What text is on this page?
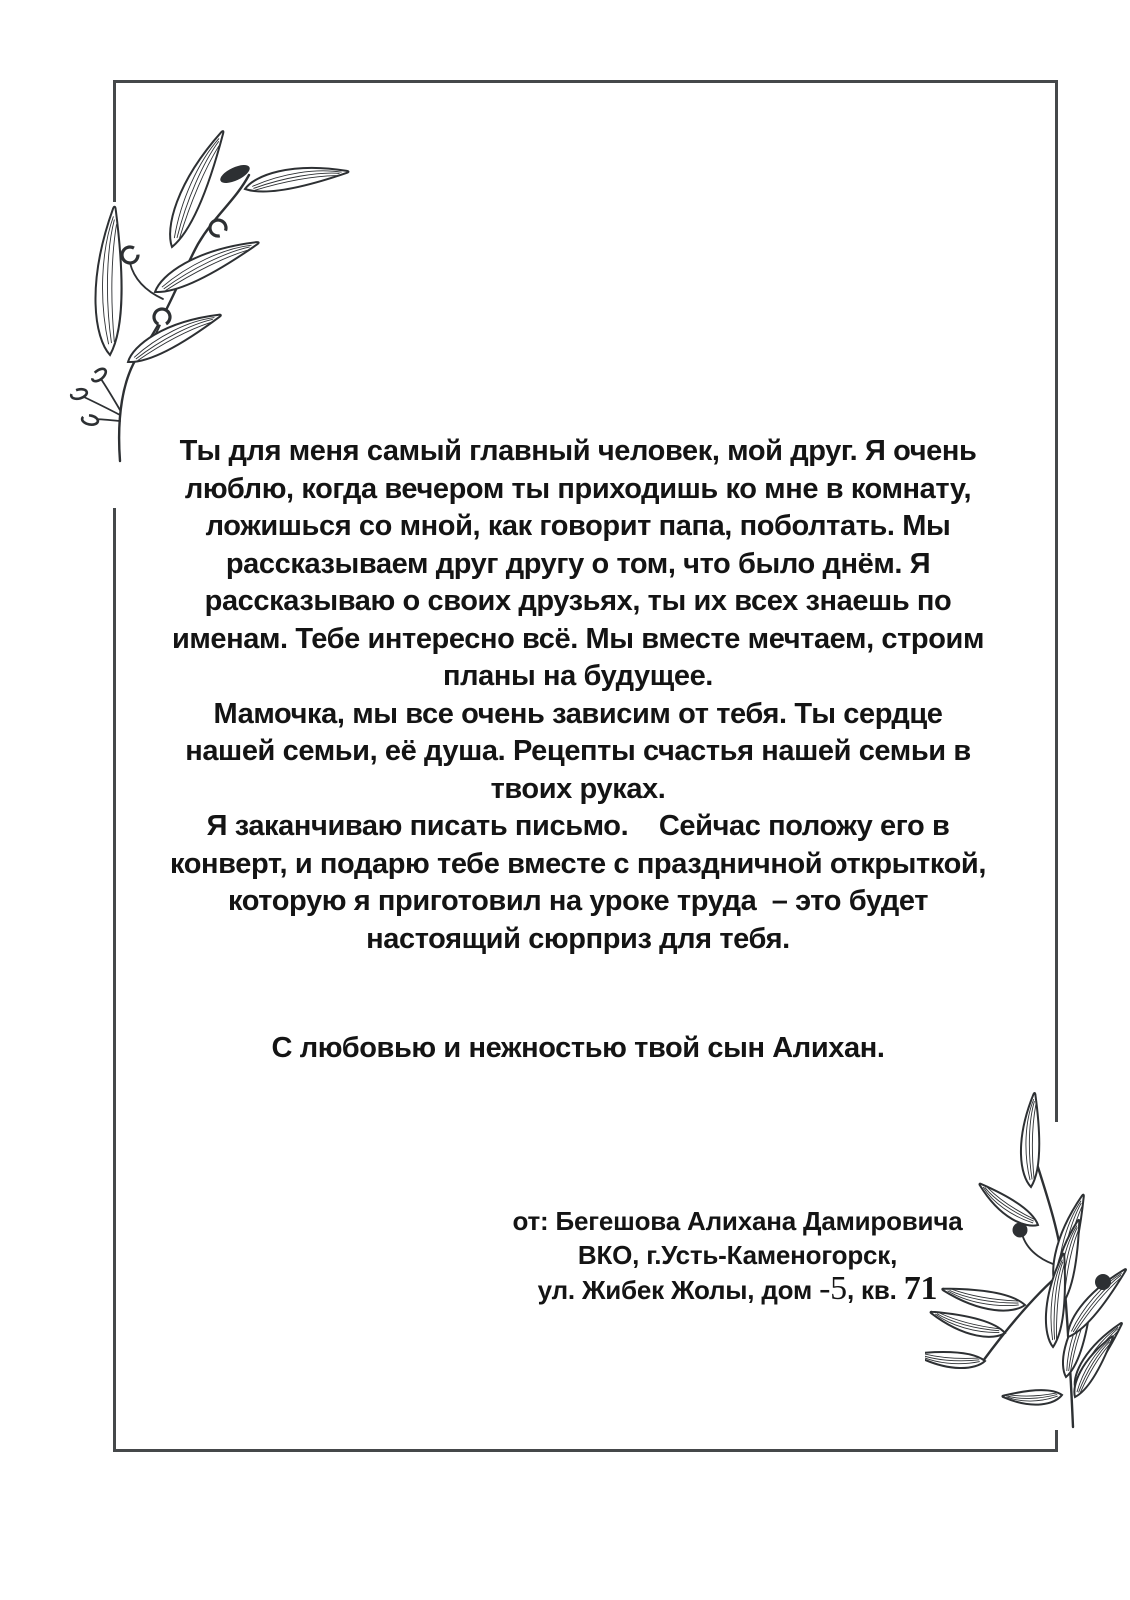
Ты для меня самый главный человек, мой друг. Я очень
люблю, когда вечером ты приходишь ко мне в комнату,
ложишься со мной, как говорит папа, поболтать. Мы
рассказываем друг другу о том, что было днём. Я
рассказываю о своих друзьях, ты их всех знаешь по
именам. Тебе интересно всё. Мы вместе мечтаем, строим
планы на будущее.
Мамочка, мы все очень зависим от тебя. Ты сердце
нашей семьи, её душа. Рецепты счастья нашей семьи в
твоих руках.
Я заканчиваю писать письмо.    Сейчас положу его в
конверт, и подарю тебе вместе с праздничной открыткой,
которую я приготовил на уроке труда  – это будет
настоящий сюрприз для тебя.
С любовью и нежностью твой сын Алихан.
от: Бегешова Алихана Дамировича
ВКО, г.Усть-Каменогорск,
ул. Жибек Жолы, дом -5, кв. 71
